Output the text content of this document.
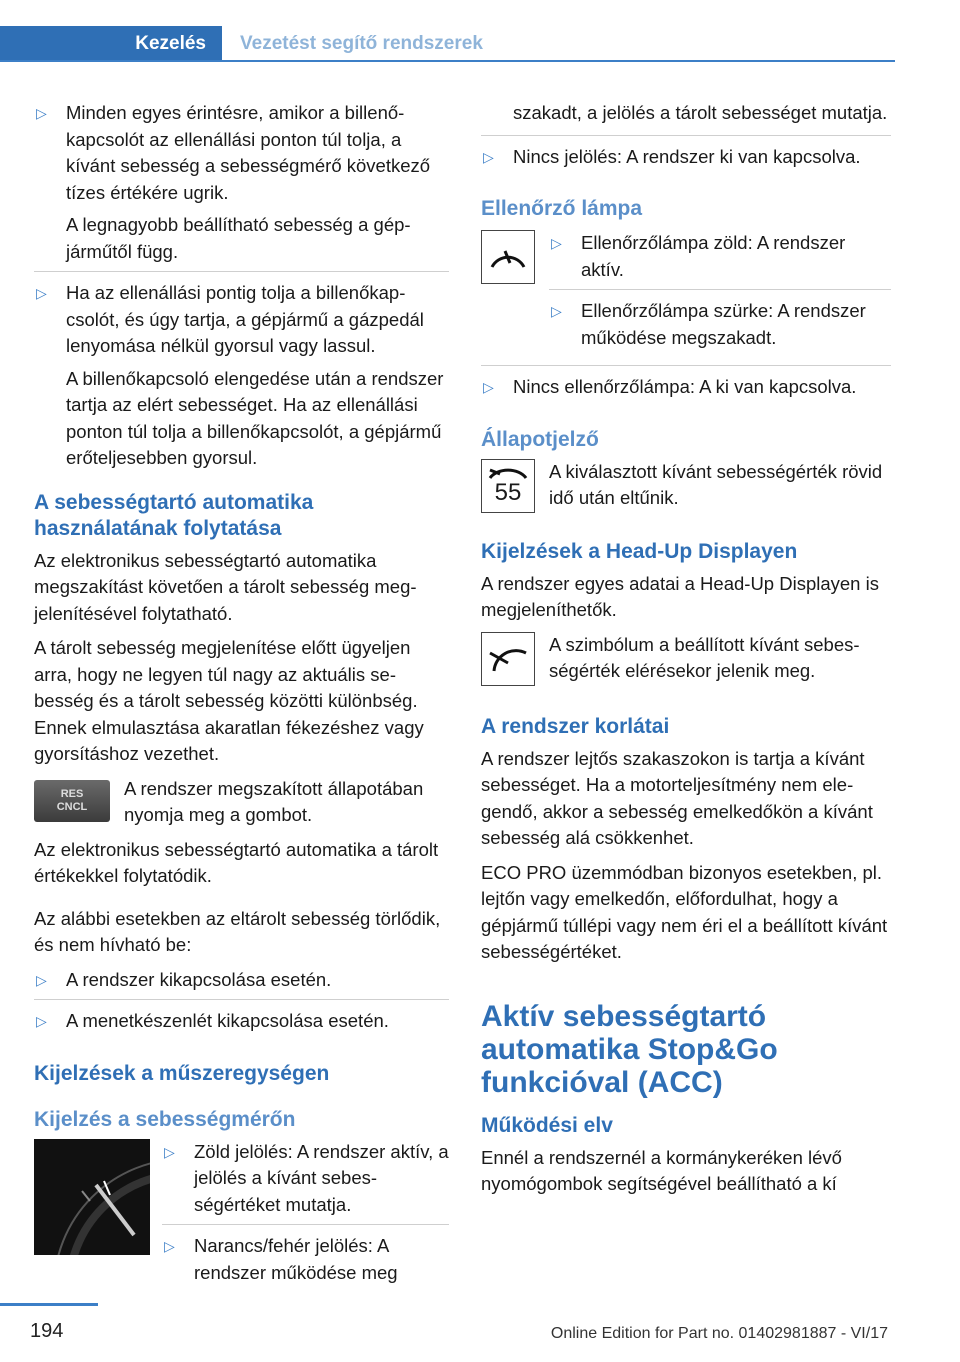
Kezelés Vezetést segítő rendszerek
▷ Minden egyes érintésre, amikor a billenőkapcsolót az ellenállási ponton túl tolja, a kívánt sebesség a sebességmérő következő tízes értékére ugrik.
A legnagyobb beállítható sebesség a gépjárműtől függ.
▷ Ha az ellenállási pontig tolja a billenőkapcsolót, és úgy tartja, a gépjármű a gázpedál lenyomása nélkül gyorsul vagy lassul.
A billenőkapcsoló elengedése után a rendszer tartja az elért sebességet. Ha az ellenállási ponton túl tolja a billenőkapcsolót, a gépjármű erőteljesebben gyorsul.
A sebességtartó automatika használatának folytatása

Az elektronikus sebességtartó automatika megszakítást követően a tárolt sebesség megjelenítésével folytatható.

A tárolt sebesség megjelenítése előtt ügyeljen arra, hogy ne legyen túl nagy az aktuális sebesség és a tárolt sebesség közötti különbség. Ennek elmulasztása akaratlan fékezéshez vagy gyorsításhoz vezethet.

RES
CNCL
A rendszer megszakított állapotában nyomja meg a gombot.

Az elektronikus sebességtartó automatika a tárolt értékekkel folytatódik.

Az alábbi esetekben az eltárolt sebesség törlődik, és nem hívható be:

▷ A rendszer kikapcsolása esetén.
▷ A menetkészenlét kikapcsolása esetén.
Kijelzések a műszeregységen
Kijelzés a sebességmérőn
▷ Zöld jelölés: A rendszer aktív, a jelölés a kívánt sebességértéket mutatja.
▷ Narancs/fehér jelölés: A rendszer működése meg
szakadt, a jelölés a tárolt sebességet mutatja.
▷ Nincs jelölés: A rendszer ki van kapcsolva.
Ellenőrző lámpa
▷ Ellenőrzőlámpa zöld: A rendszer aktív.
▷ Ellenőrzőlámpa szürke: A rendszer működése megszakadt.
▷ Nincs ellenőrzőlámpa: A ki van kapcsolva.
Állapotjelző
55
A kiválasztott kívánt sebességérték rövid idő után eltűnik.
Kijelzések a Head-Up Displayen

A rendszer egyes adatai a Head-Up Displayen is megjeleníthetők.

A szimbólum a beállított kívánt sebességérték elérésekor jelenik meg.
A rendszer korlátai

A rendszer lejtős szakaszokon is tartja a kívánt sebességet. Ha a motorteljesítmény nem elegendő, akkor a sebesség emelkedőkön a kívánt sebesség alá csökkenhet.

ECO PRO üzemmódban bizonyos esetekben, pl. lejtőn vagy emelkedőn, előfordulhat, hogy a gépjármű túllépi vagy nem éri el a beállított kívánt sebességértéket.

Aktív sebességtartó automatika Stop&Go funkcióval (ACC)
Működési elv

Ennél a rendszernél a kormánykeréken lévő nyomógombok segítségével beállítható a kí

194	Online Edition for Part no. 01402981887 - VI/17
